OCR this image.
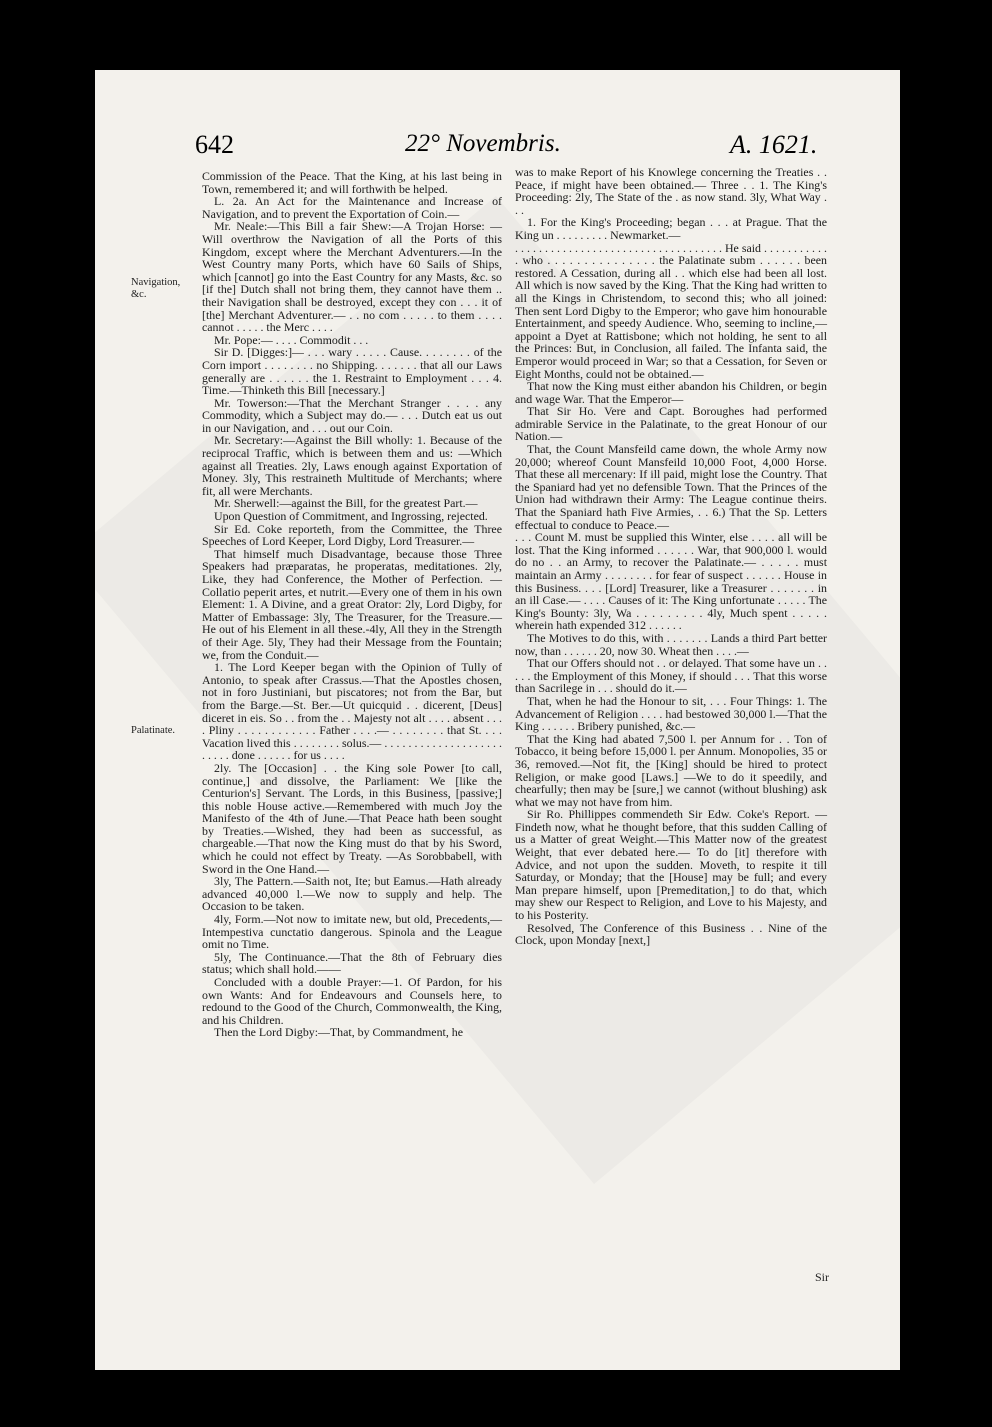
642	22° Novembris.	A. 1621.
Navigation, &c.
Palatinate.

Commission of the Peace. That the King, at his last being in Town, remembered it; and will forthwith be helped.

L. 2a. An Act for the Maintenance and Increase of Navigation, and to prevent the Exportation of Coin.—

Mr. Neale:—This Bill a fair Shew:—A Trojan Horse: —Will overthrow the Navigation of all the Ports of this Kingdom, except where the Merchant Adventurers.—In the West Country many Ports, which have 60 Sails of Ships, which [cannot] go into the East Country for any Masts, &c. so [if the] Dutch shall not bring them, they cannot have them .. their Navigation shall be destroyed, except they con . . . it of [the] Merchant Adventurer.— . . no com . . . . . to them . . . . cannot . . . . . the Merc . . . .

Mr. Pope:— . . . . Commodit . . .

Sir D. [Digges:]— . . . wary . . . . . Cause. . . . . . . . of the Corn import . . . . . . . . no Shipping. . . . . . . that all our Laws generally are . . . . . . the 1. Restraint to Employment . . . 4. Time.—Thinketh this Bill [necessary.]

Mr. Towerson:—That the Merchant Stranger . . . . any Commodity, which a Subject may do.— . . . Dutch eat us out in our Navigation, and . . . out our Coin.

Mr. Secretary:—Against the Bill wholly: 1. Because of the reciprocal Traffic, which is between them and us: —Which against all Treaties. 2ly, Laws enough against Exportation of Money. 3ly, This restraineth Multitude of Merchants; where fit, all were Merchants.

Mr. Sherwell:—against the Bill, for the greatest Part.—

Upon Question of Commitment, and Ingrossing, rejected.

Sir Ed. Coke reporteth, from the Committee, the Three Speeches of Lord Keeper, Lord Digby, Lord Treasurer.—

That himself much Disadvantage, because those Three Speakers had præparatas, he properatas, meditationes. 2ly, Like, they had Conference, the Mother of Perfection. —Collatio peperit artes, et nutrit.—Every one of them in his own Element: 1. A Divine, and a great Orator: 2ly, Lord Digby, for Matter of Embassage: 3ly, The Treasurer, for the Treasure.—He out of his Element in all these.-4ly, All they in the Strength of their Age. 5ly, They had their Message from the Fountain; we, from the Conduit.—

1. The Lord Keeper began with the Opinion of Tully of Antonio, to speak after Crassus.—That the Apostles chosen, not in foro Justiniani, but piscatores; not from the Bar, but from the Barge.—St. Ber.—Ut quicquid . . dicerent, [Deus] diceret in eis. So . . from the . . Majesty not alt . . . . absent . . . . Pliny . . . . . . . . . . . . Father . . . .— . . . . . . . . that St. . . . Vacation lived this . . . . . . . . solus.— . . . . . . . . . . . . . . . . . . . . . . . . . done . . . . . . for us . . . .

2ly. The [Occasion] . . the King sole Power [to call, continue,] and dissolve, the Parliament: We [like the Centurion's] Servant. The Lords, in this Business, [passive;] this noble House active.—Remembered with much Joy the Manifesto of the 4th of June.—That Peace hath been sought by Treaties.—Wished, they had been as successful, as chargeable.—That now the King must do that by his Sword, which he could not effect by Treaty. —As Sorobbabell, with Sword in the One Hand.—

3ly, The Pattern.—Saith not, Ite; but Eamus.—Hath already advanced 40,000 l.—We now to supply and help. The Occasion to be taken.

4ly, Form.—Not now to imitate new, but old, Precedents,—Intempestiva cunctatio dangerous. Spinola and the League omit no Time.

5ly, The Continuance.—That the 8th of February dies status; which shall hold.——

Concluded with a double Prayer:—1. Of Pardon, for his own Wants: And for Endeavours and Counsels here, to redound to the Good of the Church, Commonwealth, the King, and his Children.

Then the Lord Digby:—That, by Commandment, he

was to make Report of his Knowlege concerning the Treaties . . Peace, if might have been obtained.— Three . . 1. The King's Proceeding: 2ly, The State of the . as now stand. 3ly, What Way . . .

1. For the King's Proceeding; began . . . at Prague. That the King un . . . . . . . . . Newmarket.—

. . . . . . . . . . . . . . . . . . . . . . . . . . . . . . . . . . . He said . . . . . . . . . . . . who . . . . . . . . . . . . . . . the Palatinate subm . . . . . . been restored. A Cessation, during all . . which else had been all lost. All which is now saved by the King. That the King had written to all the Kings in Christendom, to second this; who all joined: Then sent Lord Digby to the Emperor; who gave him honourable Entertainment, and speedy Audience. Who, seeming to incline,—appoint a Dyet at Rattisbone; which not holding, he sent to all the Princes: But, in Conclusion, all failed. The Infanta said, the Emperor would proceed in War; so that a Cessation, for Seven or Eight Months, could not be obtained.—

That now the King must either abandon his Children, or begin and wage War. That the Emperor—

That Sir Ho. Vere and Capt. Boroughes had performed admirable Service in the Palatinate, to the great Honour of our Nation.—

That, the Count Mansfeild came down, the whole Army now 20,000; whereof Count Mansfeild 10,000 Foot, 4,000 Horse. That these all mercenary: If ill paid, might lose the Country. That the Spaniard had yet no defensible Town. That the Princes of the Union had withdrawn their Army: The League continue theirs. That the Spaniard hath Five Armies, . . 6.) That the Sp. Letters effectual to conduce to Peace.—

. . . Count M. must be supplied this Winter, else . . . . all will be lost. That the King informed . . . . . . War, that 900,000 l. would do no . . an Army, to recover the Palatinate.— . . . . . must maintain an Army . . . . . . . . for fear of suspect . . . . . . House in this Business. . . . [Lord] Treasurer, like a Treasurer . . . . . . . in an ill Case.— . . . . Causes of it: The King unfortunate . . . . . The King's Bounty: 3ly, Wa . . . . . . . . . 4ly, Much spent . . . . . wherein hath expended 312 . . . . . .

The Motives to do this, with . . . . . . . Lands a third Part better now, than . . . . . . 20, now 30. Wheat then . . . .—

That our Offers should not . . or delayed. That some have un . . . . . the Employment of this Money, if should . . . That this worse than Sacrilege in . . . should do it.—

That, when he had the Honour to sit, . . . Four Things: 1. The Advancement of Religion . . . . had bestowed 30,000 l.—That the King . . . . . . Bribery punished, &c.—

That the King had abated 7,500 l. per Annum for . . Ton of Tobacco, it being before 15,000 l. per Annum. Monopolies, 35 or 36, removed.—Not fit, the [King] should be hired to protect Religion, or make good [Laws.] —We to do it speedily, and chearfully; then may be [sure,] we cannot (without blushing) ask what we may not have from him.

Sir Ro. Phillippes commendeth Sir Edw. Coke's Report. —Findeth now, what he thought before, that this sudden Calling of us a Matter of great Weight.—This Matter now of the greatest Weight, that ever debated here.— To do [it] therefore with Advice, and not upon the sudden. Moveth, to respite it till Saturday, or Monday; that the [House] may be full; and every Man prepare himself, upon [Premeditation,] to do that, which may shew our Respect to Religion, and Love to his Majesty, and to his Posterity.

Resolved, The Conference of this Business . . Nine of the Clock, upon Monday [next,]

Sir
